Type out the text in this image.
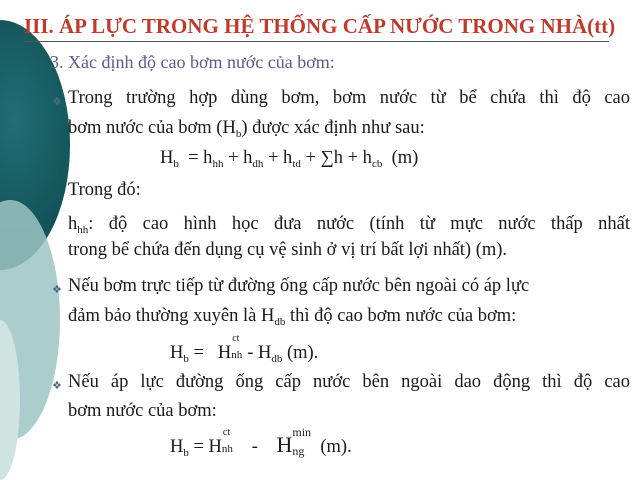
III. ÁP LỰC TRONG HỆ THỐNG CẤP NƯỚC TRONG NHÀ(tt)
3. Xác định độ cao bơm nước của bơm:
❖ Trong trường hợp dùng bơm, bơm nước từ bể chứa thì độ cao
bơm nước của bơm $(H_b)$ được xác định như sau:
$H_b = h_{hh} + h_{dh} + h_{td} + \sum h + h_{cb}$ (m)
Trong đó:
$h_{hh}$: độ cao hình học đưa nước (tính từ mực nước thấp nhất
trong bể chứa đến dụng cụ vệ sinh ở vị trí bất lợi nhất) (m).
❖ Nếu bơm trực tiếp từ đường ống cấp nước bên ngoài có áp lực
đảm bảo thường xuyên là $H_{db}$ thì độ cao bơm nước của bơm:
$H_b = H$
ct
nh - $H_{db}$ (m).
❖ Nếu áp lực đường ống cấp nước bên ngoài dao động thì độ cao
bơm nước của bơm:
$H_b = H$
ct
nh - H min
ng (m).
